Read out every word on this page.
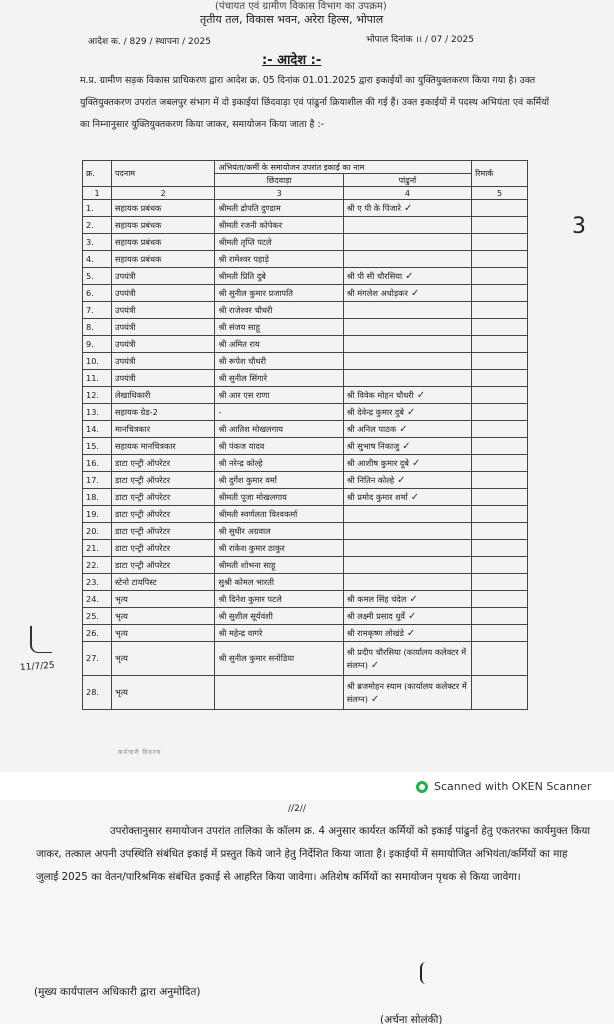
(पंचायत एवं ग्रामीण विकास विभाग का उपक्रम)
तृतीय तल, विकास भवन, अरेरा हिल्स, भोपाल
आदेश क. / 829 / स्थापना / 2025	भोपाल दिनांक ।। / 07 / 2025
:- आदेश :-
म.प्र. ग्रामीण सड़क विकास प्राधिकरण द्वारा आदेश क्र. 05 दिनांक 01.01.2025 द्वारा इकाईयों का युक्तियुक्तकरण किया गया है। उक्त युक्तियुक्तकरण उपरांत जबलपुर संभाग में दो इकाईयां छिंदवाड़ा एवं पांढुर्ना क्रियाशील की गई हैं। उक्त इकाईयों में पदस्थ अभियंता एवं कर्मियों का निम्नानुसार युक्तियुक्तकरण किया जाकर, समायोजन किया जाता है :-
क्र.	पदनाम	अभियंता/कर्मी के समायोजन उपरांत इकाई का नाम		रिमार्क
		छिंदवाड़ा	पांढुर्ना	
1	2	3	4	5
1.	सहायक प्रबंधक	श्रीमती द्रोपति दुण्डाम	श्री ए पी के पिंजारे ✓	
2.	सहायक प्रबंधक	श्रीमती रजनी कोपेकर		
3.	सहायक प्रबंधक	श्रीमती तृप्ति पटले		
4.	सहायक प्रबंधक	श्री रामेश्वर पहाड़े		
5.	उपयंत्री	श्रीमती प्रिति दुबे	श्री पी सी चौरसिया ✓	
6.	उपयंत्री	श्री सुनील कुमार प्रजापति	श्री मंगलेश अधोड़कर ✓	
7.	उपयंत्री	श्री राजेश्वर चौधरी		
8.	उपयंत्री	श्री संजय साहू		
9.	उपयंत्री	श्री अमित राय		
10.	उपयंत्री	श्री रूपेश चौधरी		
11.	उपयंत्री	श्री सुनील सिंगारे		
12.	लेखाधिकारी	श्री आर एस राणा	श्री विवेक मोहन चौधरी ✓	
13.	सहायक ग्रेड-2	-	श्री देवेन्द्र कुमार दुबे ✓	
14.	मानचित्रकार	श्री आतिश मोखलगाय	श्री अनिल पाठक ✓	
15.	सहायक मानचित्रकार	श्री पंकज यादव	श्री सुभाष निकाजु ✓	
16.	डाटा एन्ट्री ऑपरेटर	श्री नरेन्द्र कोल्हे	श्री आशीष कुमार दुबे ✓	
17.	डाटा एन्ट्री ऑपरेटर	श्री दुर्गेश कुमार वर्मा	श्री नितिन कोल्हे ✓	
18.	डाटा एन्ट्री ऑपरेटर	श्रीमती पूजा मोखलगाय	श्री प्रमोद कुमार शर्मा ✓	
19.	डाटा एन्ट्री ऑपरेटर	श्रीमती स्वर्णलता विश्वकर्मा		
20.	डाटा एन्ट्री ऑपरेटर	श्री सुधीर अग्रवाल		
21.	डाटा एन्ट्री ऑपरेटर	श्री राकेश कुमार ठाकुर		
22.	डाटा एन्ट्री ऑपरेटर	श्रीमती शोभना साहू		
23.	स्टेनो टायपिस्ट	सुश्री कोमल भारती		
24.	भृत्य	श्री दिनेश कुमार पटले	श्री कमल सिंह चंदेल ✓	
25.	भृत्य	श्री सुशील सूर्यवंशी	श्री लक्ष्मी प्रसाद धुर्वे ✓	
26.	भृत्य	श्री महेन्द्र वागरे	श्री रामकृष्ण लोखंडे ✓	
27.	भृत्य	श्री सुनील कुमार सनोडिया	श्री प्रदीप चौरसिया (कार्यालय कलेक्टर में संलग्न) ✓	
28.	भृत्य		श्री ब्रजमोहन स्याम (कार्यालय कलेक्टर में संलग्न) ✓	
3
11/7/25
कर्मचारी विवरण
Scanned with OKEN Scanner
//2//
उपरोक्तानुसार समायोजन उपरांत तालिका के कॉलम क्र. 4 अनुसार कार्यरत कर्मियों को इकाई पांढुर्ना हेतु एकतरफा कार्यमुक्त किया जाकर, तत्काल अपनी उपस्थिति संबंधित इकाई में प्रस्तुत किये जाने हेतु निर्देशित किया जाता है। इकाईयों में समायोजित अभियंता/कर्मियों का माह जुलाई 2025 का वेतन/पारिश्रमिक संबंधित इकाई से आहरित किया जावेगा। अतिशेष कर्मियों का समायोजन पृथक से किया जावेगा।
(मुख्य कार्यपालन अधिकारी द्वारा अनुमोदित)
(अर्चना सोलंकी)
